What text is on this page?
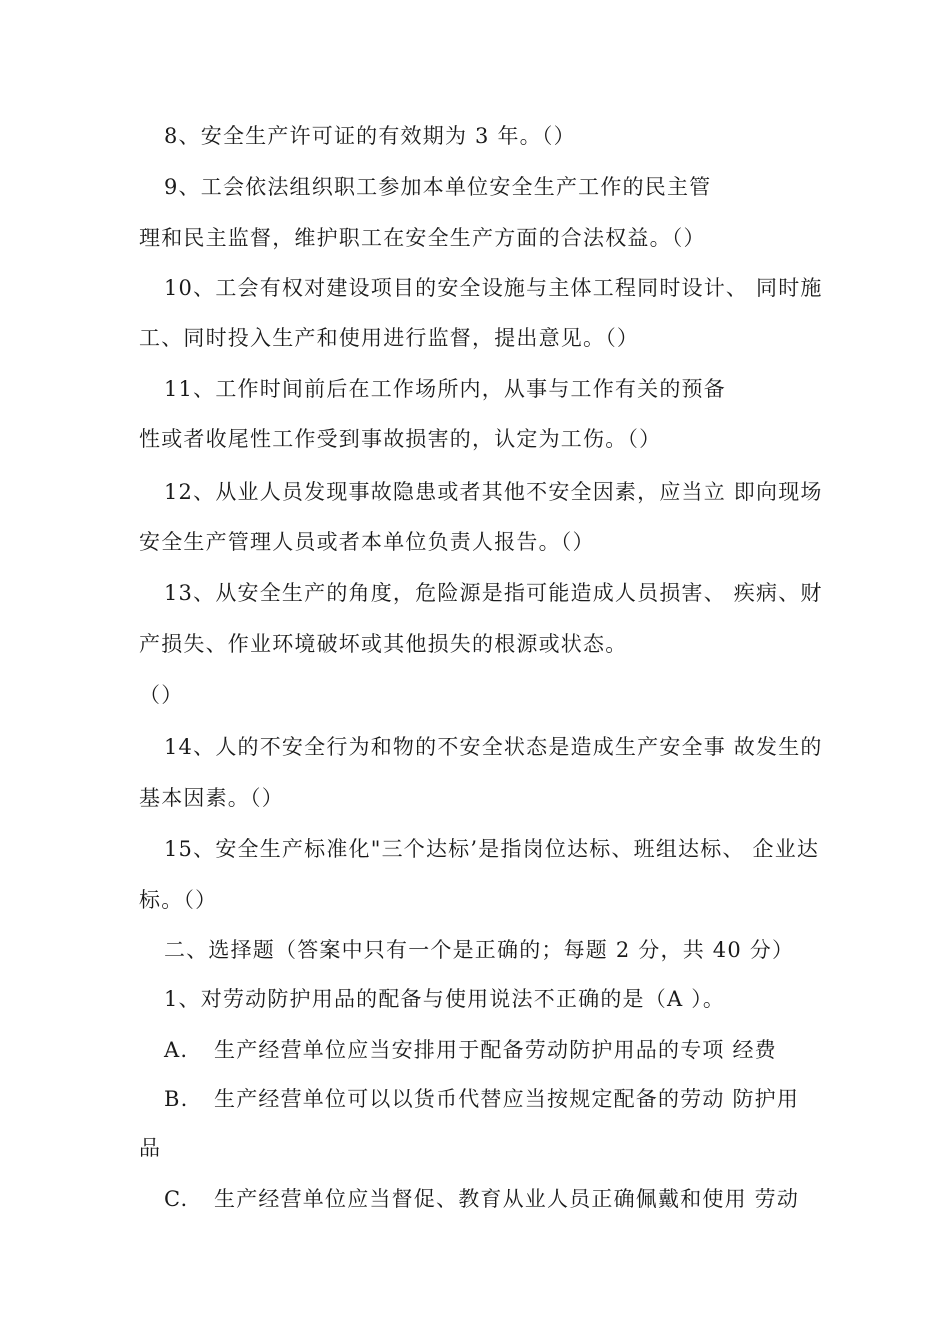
8、安全生产许可证的有效期为 3 年。（）
9、工会依法组织职工参加本单位安全生产工作的民主管
理和民主监督，维护职工在安全生产方面的合法权益。（）
10、工会有权对建设项目的安全设施与主体工程同时设计、 同时施
工、同时投入生产和使用进行监督，提出意见。（）
11、工作时间前后在工作场所内，从事与工作有关的预备
性或者收尾性工作受到事故损害的，认定为工伤。（）
12、从业人员发现事故隐患或者其他不安全因素，应当立 即向现场
安全生产管理人员或者本单位负责人报告。（）
13、从安全生产的角度，危险源是指可能造成人员损害、 疾病、财
产损失、作业环境破坏或其他损失的根源或状态。
（）
14、人的不安全行为和物的不安全状态是造成生产安全事 故发生的
基本因素。（）
15、安全生产标准化"三个达标’是指岗位达标、班组达标、 企业达
标。（）
二、选择题（答案中只有一个是正确的；每题 2 分，共 40 分）
1、对劳动防护用品的配备与使用说法不正确的是（A ）。
A. 生产经营单位应当安排用于配备劳动防护用品的专项 经费
B. 生产经营单位可以以货币代替应当按规定配备的劳动 防护用
品
C. 生产经营单位应当督促、教育从业人员正确佩戴和使用 劳动
